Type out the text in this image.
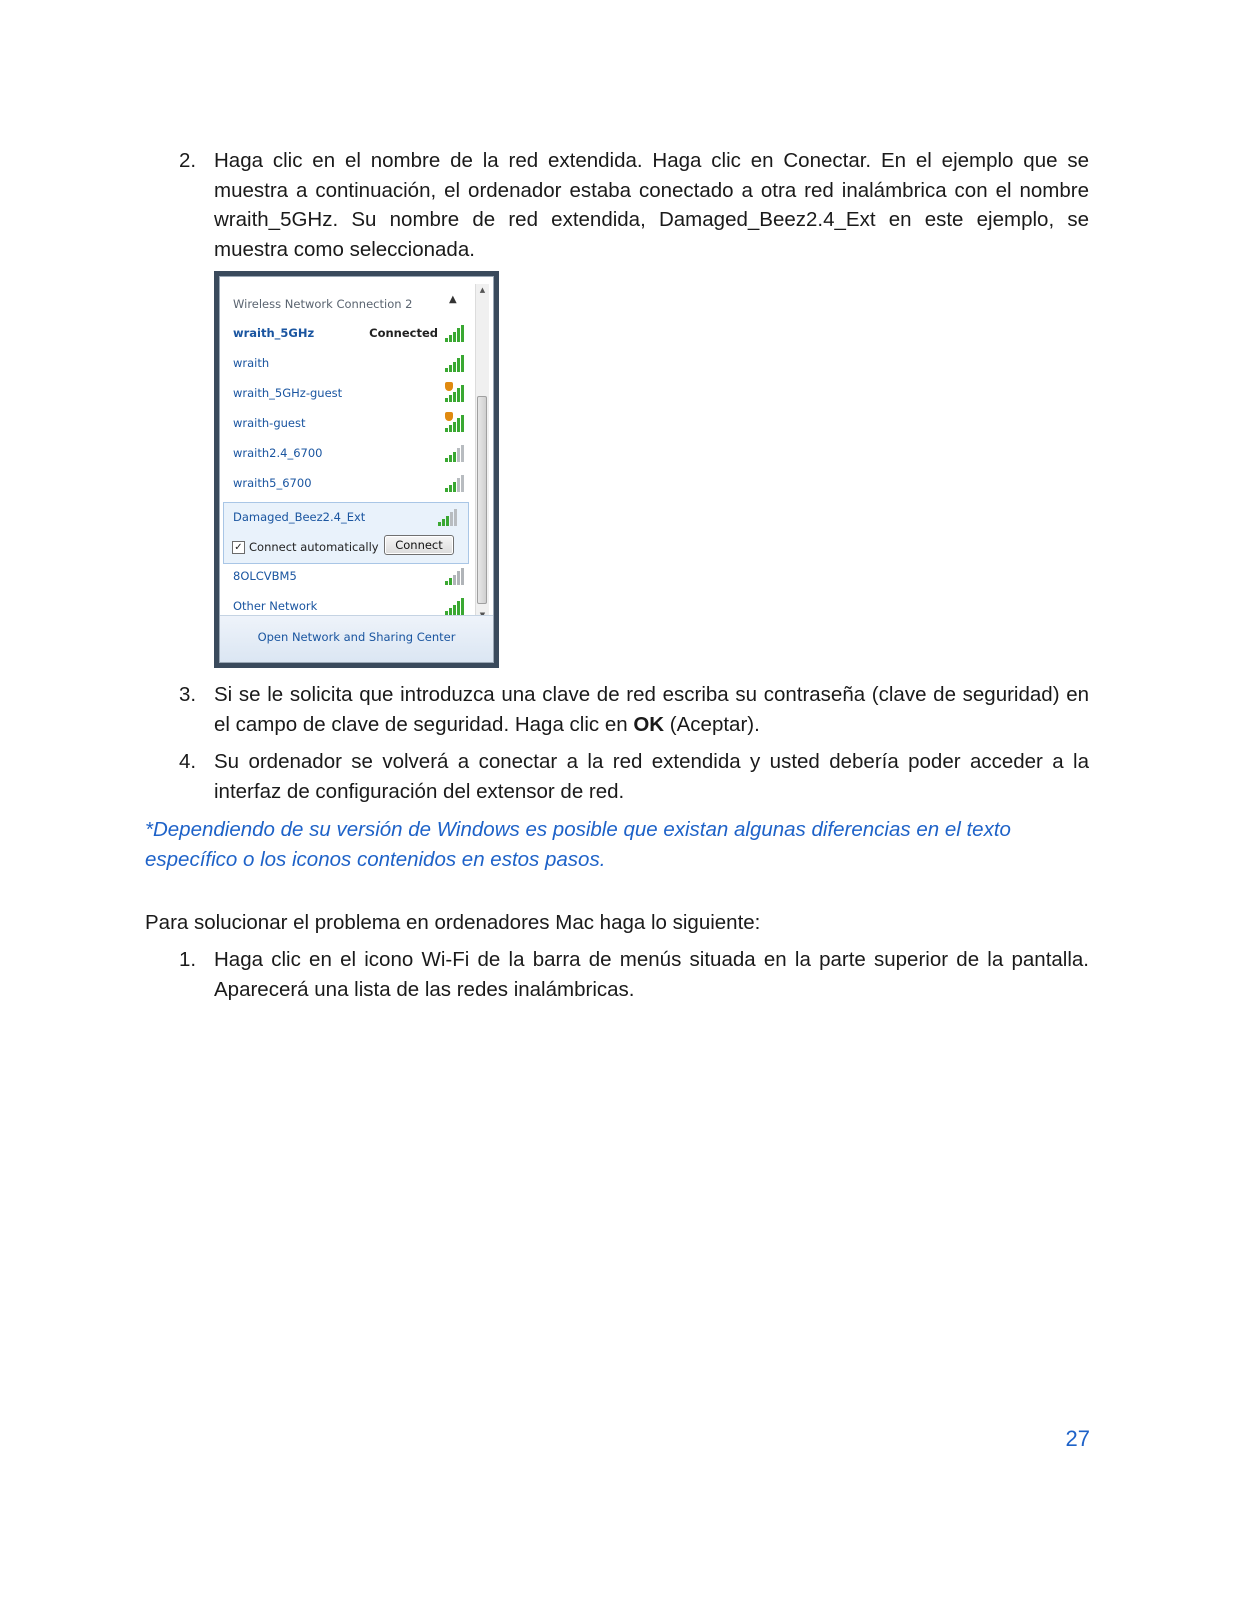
2. Haga clic en el nombre de la red extendida. Haga clic en Conectar. En el ejemplo que se muestra a continuación, el ordenador estaba conectado a otra red inalámbrica con el nombre wraith_5GHz. Su nombre de red extendida, Damaged_Beez2.4_Ext en este ejemplo, se muestra como seleccionada.
Wireless Network Connection 2	▲
wraith_5GHz	Connected
wraith
wraith_5GHz-guest
wraith-guest
wraith2.4_6700
wraith5_6700
Damaged_Beez2.4_Ext
✓ Connect automatically	Connect
8OLCVBM5
Other Network
▲
Open Network and Sharing Center
3. Si se le solicita que introduzca una clave de red escriba su contraseña (clave de seguridad) en el campo de clave de seguridad. Haga clic en OK (Aceptar).
4. Su ordenador se volverá a conectar a la red extendida y usted debería poder acceder a la interfaz de configuración del extensor de red.
*Dependiendo de su versión de Windows es posible que existan algunas diferencias en el texto específico o los iconos contenidos en estos pasos.
Para solucionar el problema en ordenadores Mac haga lo siguiente:
1. Haga clic en el icono Wi-Fi de la barra de menús situada en la parte superior de la pantalla. Aparecerá una lista de las redes inalámbricas.
27
